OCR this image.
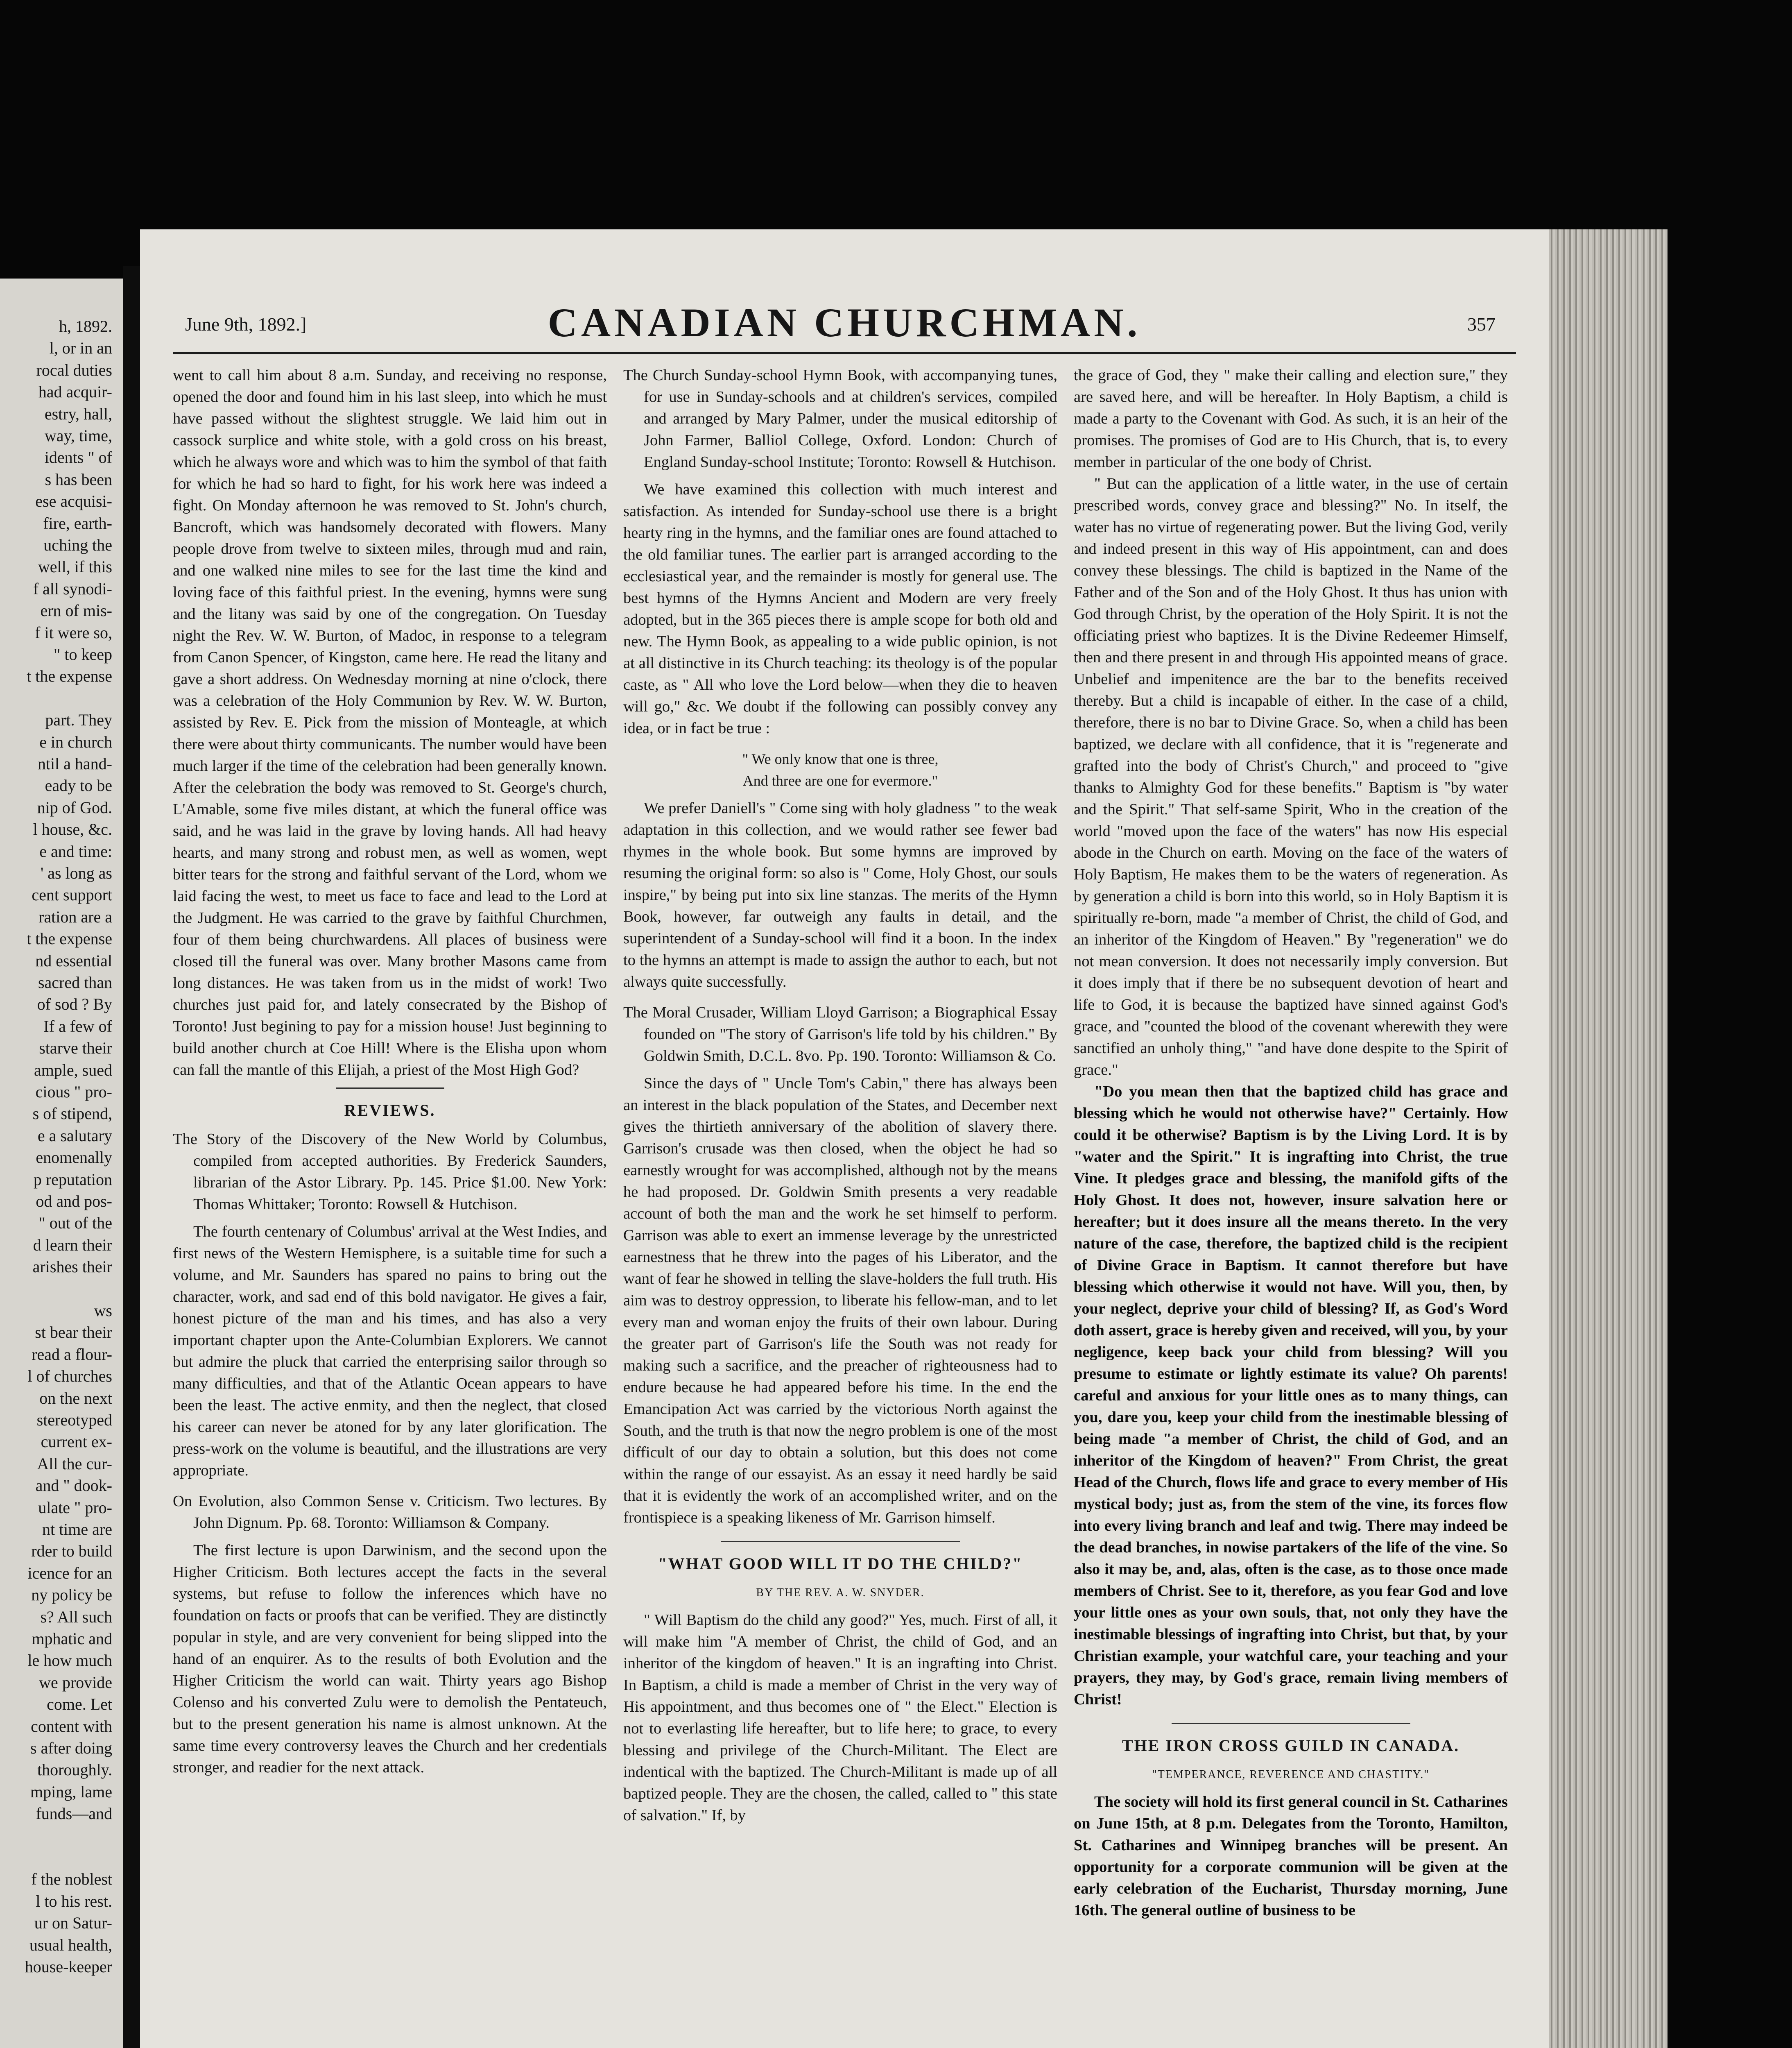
h, 1892.
l, or in an
rocal duties
had acquir-
estry, hall,
way, time,
idents " of
s has been
ese acquisi-
fire, earth-
uching the
well, if this
f all synodi-
ern of mis-
f it were so,
" to keep
t the expense
part. They
e in church
ntil a hand-
eady to be
nip of God.
l house, &c.
e and time:
' as long as
cent support
ration are a
t the expense
nd essential
sacred than
of sod ? By
If a few of
starve their
ample, sued
cious " pro-
s of stipend,
e a salutary
enomenally
p reputation
od and pos-
" out of the
d learn their
arishes their
ws
st bear their
read a flour-
l of churches
on the next
stereotyped
current ex-
All the cur-
and " dook-
ulate " pro-
nt time are
rder to build
icence for an
ny policy be
s? All such
mphatic and
le how much
we provide
come. Let
content with
s after doing
thoroughly.
mping, lame
funds—and
f the noblest
l to his rest.
ur on Satur-
usual health,
house-keeper
June 9th, 1892.]	CANADIAN CHURCHMAN.	357

went to call him about 8 a.m. Sunday, and receiving no response, opened the door and found him in his last sleep, into which he must have passed without the slightest struggle. We laid him out in cassock surplice and white stole, with a gold cross on his breast, which he always wore and which was to him the symbol of that faith for which he had so hard to fight, for his work here was indeed a fight. On Monday afternoon he was removed to St. John's church, Bancroft, which was handsomely decorated with flowers. Many people drove from twelve to sixteen miles, through mud and rain, and one walked nine miles to see for the last time the kind and loving face of this faithful priest. In the evening, hymns were sung and the litany was said by one of the congregation. On Tuesday night the Rev. W. W. Burton, of Madoc, in response to a telegram from Canon Spencer, of Kingston, came here. He read the litany and gave a short address. On Wednesday morning at nine o'clock, there was a celebration of the Holy Communion by Rev. W. W. Burton, assisted by Rev. E. Pick from the mission of Monteagle, at which there were about thirty communicants. The number would have been much larger if the time of the celebration had been generally known. After the celebration the body was removed to St. George's church, L'Amable, some five miles distant, at which the funeral office was said, and he was laid in the grave by loving hands. All had heavy hearts, and many strong and robust men, as well as women, wept bitter tears for the strong and faithful servant of the Lord, whom we laid facing the west, to meet us face to face and lead to the Lord at the Judgment. He was carried to the grave by faithful Churchmen, four of them being churchwardens. All places of business were closed till the funeral was over. Many brother Masons came from long distances. He was taken from us in the midst of work! Two churches just paid for, and lately consecrated by the Bishop of Toronto! Just begining to pay for a mission house! Just beginning to build another church at Coe Hill! Where is the Elisha upon whom can fall the mantle of this Elijah, a priest of the Most High God?

REVIEWS.

The Story of the Discovery of the New World by Columbus, compiled from accepted authorities. By Frederick Saunders, librarian of the Astor Library. Pp. 145. Price $1.00. New York: Thomas Whittaker; Toronto: Rowsell & Hutchison.

The fourth centenary of Columbus' arrival at the West Indies, and first news of the Western Hemisphere, is a suitable time for such a volume, and Mr. Saunders has spared no pains to bring out the character, work, and sad end of this bold navigator. He gives a fair, honest picture of the man and his times, and has also a very important chapter upon the Ante-Columbian Explorers. We cannot but admire the pluck that carried the enterprising sailor through so many difficulties, and that of the Atlantic Ocean appears to have been the least. The active enmity, and then the neglect, that closed his career can never be atoned for by any later glorification. The press-work on the volume is beautiful, and the illustrations are very appropriate.

On Evolution, also Common Sense v. Criticism. Two lectures. By John Dignum. Pp. 68. Toronto: Williamson & Company.

The first lecture is upon Darwinism, and the second upon the Higher Criticism. Both lectures accept the facts in the several systems, but refuse to follow the inferences which have no foundation on facts or proofs that can be verified. They are distinctly popular in style, and are very convenient for being slipped into the hand of an enquirer. As to the results of both Evolution and the Higher Criticism the world can wait. Thirty years ago Bishop Colenso and his converted Zulu were to demolish the Pentateuch, but to the present generation his name is almost unknown. At the same time every controversy leaves the Church and her credentials stronger, and readier for the next attack.

The Church Sunday-school Hymn Book, with accompanying tunes, for use in Sunday-schools and at children's services, compiled and arranged by Mary Palmer, under the musical editorship of John Farmer, Balliol College, Oxford. London: Church of England Sunday-school Institute; Toronto: Rowsell & Hutchison.

We have examined this collection with much interest and satisfaction. As intended for Sunday-school use there is a bright hearty ring in the hymns, and the familiar ones are found attached to the old familiar tunes. The earlier part is arranged according to the ecclesiastical year, and the remainder is mostly for general use. The best hymns of the Hymns Ancient and Modern are very freely adopted, but in the 365 pieces there is ample scope for both old and new. The Hymn Book, as appealing to a wide public opinion, is not at all distinctive in its Church teaching: its theology is of the popular caste, as " All who love the Lord below—when they die to heaven will go," &c. We doubt if the following can possibly convey any idea, or in fact be true :

" We only know that one is three,
And three are one for evermore."

We prefer Daniell's " Come sing with holy gladness " to the weak adaptation in this collection, and we would rather see fewer bad rhymes in the whole book. But some hymns are improved by resuming the original form: so also is " Come, Holy Ghost, our souls inspire," by being put into six line stanzas. The merits of the Hymn Book, however, far outweigh any faults in detail, and the superintendent of a Sunday-school will find it a boon. In the index to the hymns an attempt is made to assign the author to each, but not always quite successfully.

The Moral Crusader, William Lloyd Garrison; a Biographical Essay founded on "The story of Garrison's life told by his children." By Goldwin Smith, D.C.L. 8vo. Pp. 190. Toronto: Williamson & Co.

Since the days of " Uncle Tom's Cabin," there has always been an interest in the black population of the States, and December next gives the thirtieth anniversary of the abolition of slavery there. Garrison's crusade was then closed, when the object he had so earnestly wrought for was accomplished, although not by the means he had proposed. Dr. Goldwin Smith presents a very readable account of both the man and the work he set himself to perform. Garrison was able to exert an immense leverage by the unrestricted earnestness that he threw into the pages of his Liberator, and the want of fear he showed in telling the slave-holders the full truth. His aim was to destroy oppression, to liberate his fellow-man, and to let every man and woman enjoy the fruits of their own labour. During the greater part of Garrison's life the South was not ready for making such a sacrifice, and the preacher of righteousness had to endure because he had appeared before his time. In the end the Emancipation Act was carried by the victorious North against the South, and the truth is that now the negro problem is one of the most difficult of our day to obtain a solution, but this does not come within the range of our essayist. As an essay it need hardly be said that it is evidently the work of an accomplished writer, and on the frontispiece is a speaking likeness of Mr. Garrison himself.

"WHAT GOOD WILL IT DO THE CHILD?"
BY THE REV. A. W. SNYDER.

" Will Baptism do the child any good?" Yes, much. First of all, it will make him "A member of Christ, the child of God, and an inheritor of the kingdom of heaven." It is an ingrafting into Christ. In Baptism, a child is made a member of Christ in the very way of His appointment, and thus becomes one of " the Elect." Election is not to everlasting life hereafter, but to life here; to grace, to every blessing and privilege of the Church-Militant. The Elect are indentical with the baptized. The Church-Militant is made up of all baptized people. They are the chosen, the called, called to " this state of salvation." If, by

the grace of God, they " make their calling and election sure," they are saved here, and will be hereafter. In Holy Baptism, a child is made a party to the Covenant with God. As such, it is an heir of the promises. The promises of God are to His Church, that is, to every member in particular of the one body of Christ.

" But can the application of a little water, in the use of certain prescribed words, convey grace and blessing?" No. In itself, the water has no virtue of regenerating power. But the living God, verily and indeed present in this way of His appointment, can and does convey these blessings. The child is baptized in the Name of the Father and of the Son and of the Holy Ghost. It thus has union with God through Christ, by the operation of the Holy Spirit. It is not the officiating priest who baptizes. It is the Divine Redeemer Himself, then and there present in and through His appointed means of grace. Unbelief and impenitence are the bar to the benefits received thereby. But a child is incapable of either. In the case of a child, therefore, there is no bar to Divine Grace. So, when a child has been baptized, we declare with all confidence, that it is "regenerate and grafted into the body of Christ's Church," and proceed to "give thanks to Almighty God for these benefits." Baptism is "by water and the Spirit." That self-same Spirit, Who in the creation of the world "moved upon the face of the waters" has now His especial abode in the Church on earth. Moving on the face of the waters of Holy Baptism, He makes them to be the waters of regeneration. As by generation a child is born into this world, so in Holy Baptism it is spiritually re-born, made "a member of Christ, the child of God, and an inheritor of the Kingdom of Heaven." By "regeneration" we do not mean conversion. It does not necessarily imply conversion. But it does imply that if there be no subsequent devotion of heart and life to God, it is because the baptized have sinned against God's grace, and "counted the blood of the covenant wherewith they were sanctified an unholy thing," "and have done despite to the Spirit of grace."

"Do you mean then that the baptized child has grace and blessing which he would not otherwise have?" Certainly. How could it be otherwise? Baptism is by the Living Lord. It is by "water and the Spirit." It is ingrafting into Christ, the true Vine. It pledges grace and blessing, the manifold gifts of the Holy Ghost. It does not, however, insure salvation here or hereafter; but it does insure all the means thereto. In the very nature of the case, therefore, the baptized child is the recipient of Divine Grace in Baptism. It cannot therefore but have blessing which otherwise it would not have. Will you, then, by your neglect, deprive your child of blessing? If, as God's Word doth assert, grace is hereby given and received, will you, by your negligence, keep back your child from blessing? Will you presume to estimate or lightly estimate its value? Oh parents! careful and anxious for your little ones as to many things, can you, dare you, keep your child from the inestimable blessing of being made "a member of Christ, the child of God, and an inheritor of the Kingdom of heaven?" From Christ, the great Head of the Church, flows life and grace to every member of His mystical body; just as, from the stem of the vine, its forces flow into every living branch and leaf and twig. There may indeed be the dead branches, in nowise partakers of the life of the vine. So also it may be, and, alas, often is the case, as to those once made members of Christ. See to it, therefore, as you fear God and love your little ones as your own souls, that, not only they have the inestimable blessings of ingrafting into Christ, but that, by your Christian example, your watchful care, your teaching and your prayers, they may, by God's grace, remain living members of Christ!

THE IRON CROSS GUILD IN CANADA.
"TEMPERANCE, REVERENCE AND CHASTITY."

The society will hold its first general council in St. Catharines on June 15th, at 8 p.m. Delegates from the Toronto, Hamilton, St. Catharines and Winnipeg branches will be present. An opportunity for a corporate communion will be given at the early celebration of the Eucharist, Thursday morning, June 16th. The general outline of business to be
